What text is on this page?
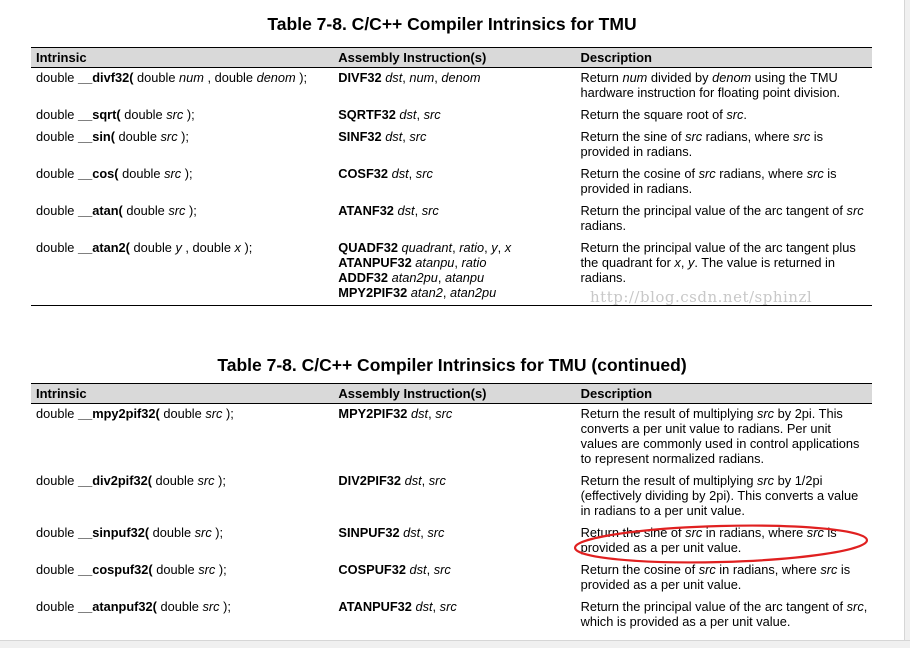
Table 7-8. C/C++ Compiler Intrinsics for TMU
Intrinsic	Assembly Instruction(s)	Description
double __divf32( double num , double denom );	DIVF32 dst, num, denom	Return num divided by denom using the TMU hardware instruction for floating point division.
double __sqrt( double src );	SQRTF32 dst, src	Return the square root of src.
double __sin( double src );	SINF32 dst, src	Return the sine of src radians, where src is provided in radians.
double __cos( double src );	COSF32 dst, src	Return the cosine of src radians, where src is provided in radians.
double __atan( double src );	ATANF32 dst, src	Return the principal value of the arc tangent of src radians.
double __atan2( double y , double x );	QUADF32 quadrant, ratio, y, x
ATANPUF32 atanpu, ratio
ADDF32 atan2pu, atanpu
MPY2PIF32 atan2, atan2pu	Return the principal value of the arc tangent plus the quadrant for x, y. The value is returned in radians.
http://blog.csdn.net/sphinzl
Table 7-8. C/C++ Compiler Intrinsics for TMU (continued)
Intrinsic	Assembly Instruction(s)	Description
double __mpy2pif32( double src );	MPY2PIF32 dst, src	Return the result of multiplying src by 2pi. This converts a per unit value to radians. Per unit values are commonly used in control applications to represent normalized radians.
double __div2pif32( double src );	DIV2PIF32 dst, src	Return the result of multiplying src by 1/2pi (effectively dividing by 2pi). This converts a value in radians to a per unit value.
double __sinpuf32( double src );	SINPUF32 dst, src	Return the sine of src in radians, where src is provided as a per unit value.
double __cospuf32( double src );	COSPUF32 dst, src	Return the cosine of src in radians, where src is provided as a per unit value.
double __atanpuf32( double src );	ATANPUF32 dst, src	Return the principal value of the arc tangent of src, which is provided as a per unit value.
